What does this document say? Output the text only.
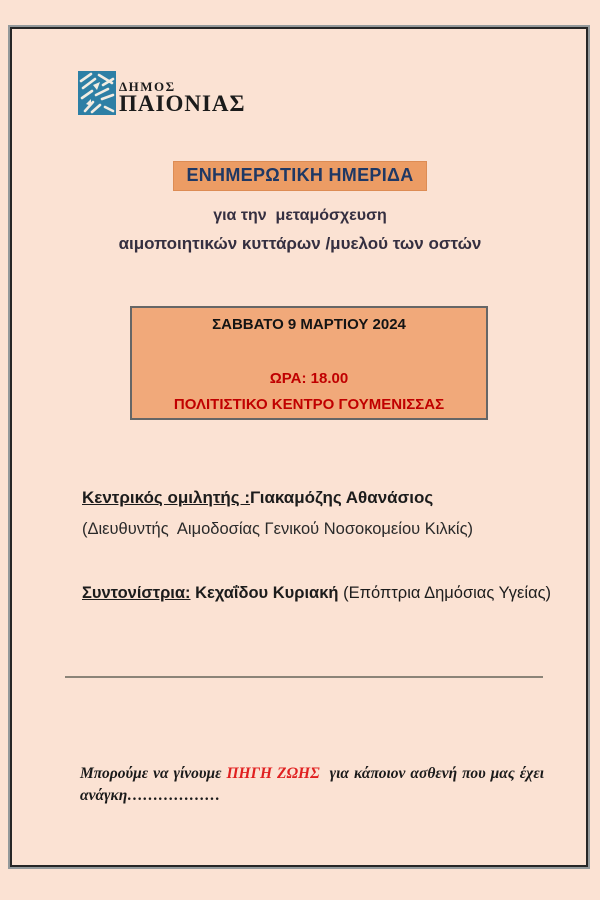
ΔΗΜΟΣ
ΠΑΙΟΝΙΑΣ
ΕΝΗΜΕΡΩΤΙΚΗ ΗΜΕΡΙΔΑ
για την  μεταμόσχευση
αιμοποιητικών κυττάρων /μυελού των οστών
ΣΑΒΒΑΤΟ 9 ΜΑΡΤΙΟΥ 2024
ΩΡΑ: 18.00
ΠΟΛΙΤΙΣΤΙΚΟ ΚΕΝΤΡΟ ΓΟΥΜΕΝΙΣΣΑΣ

Κεντρικός ομιλητής :Γιακαμόζης Αθανάσιος

(Διευθυντής  Αιμοδοσίας Γενικού Νοσοκομείου Κιλκίς)

Συντονίστρια: Κεχαΐδου Κυριακή (Επόπτρια Δημόσιας Υγείας)

Μπορούμε να γίνουμε ΠΗΓΗ ΖΩΗΣ  για κάποιον ασθενή που μας έχει ανάγκη………………
